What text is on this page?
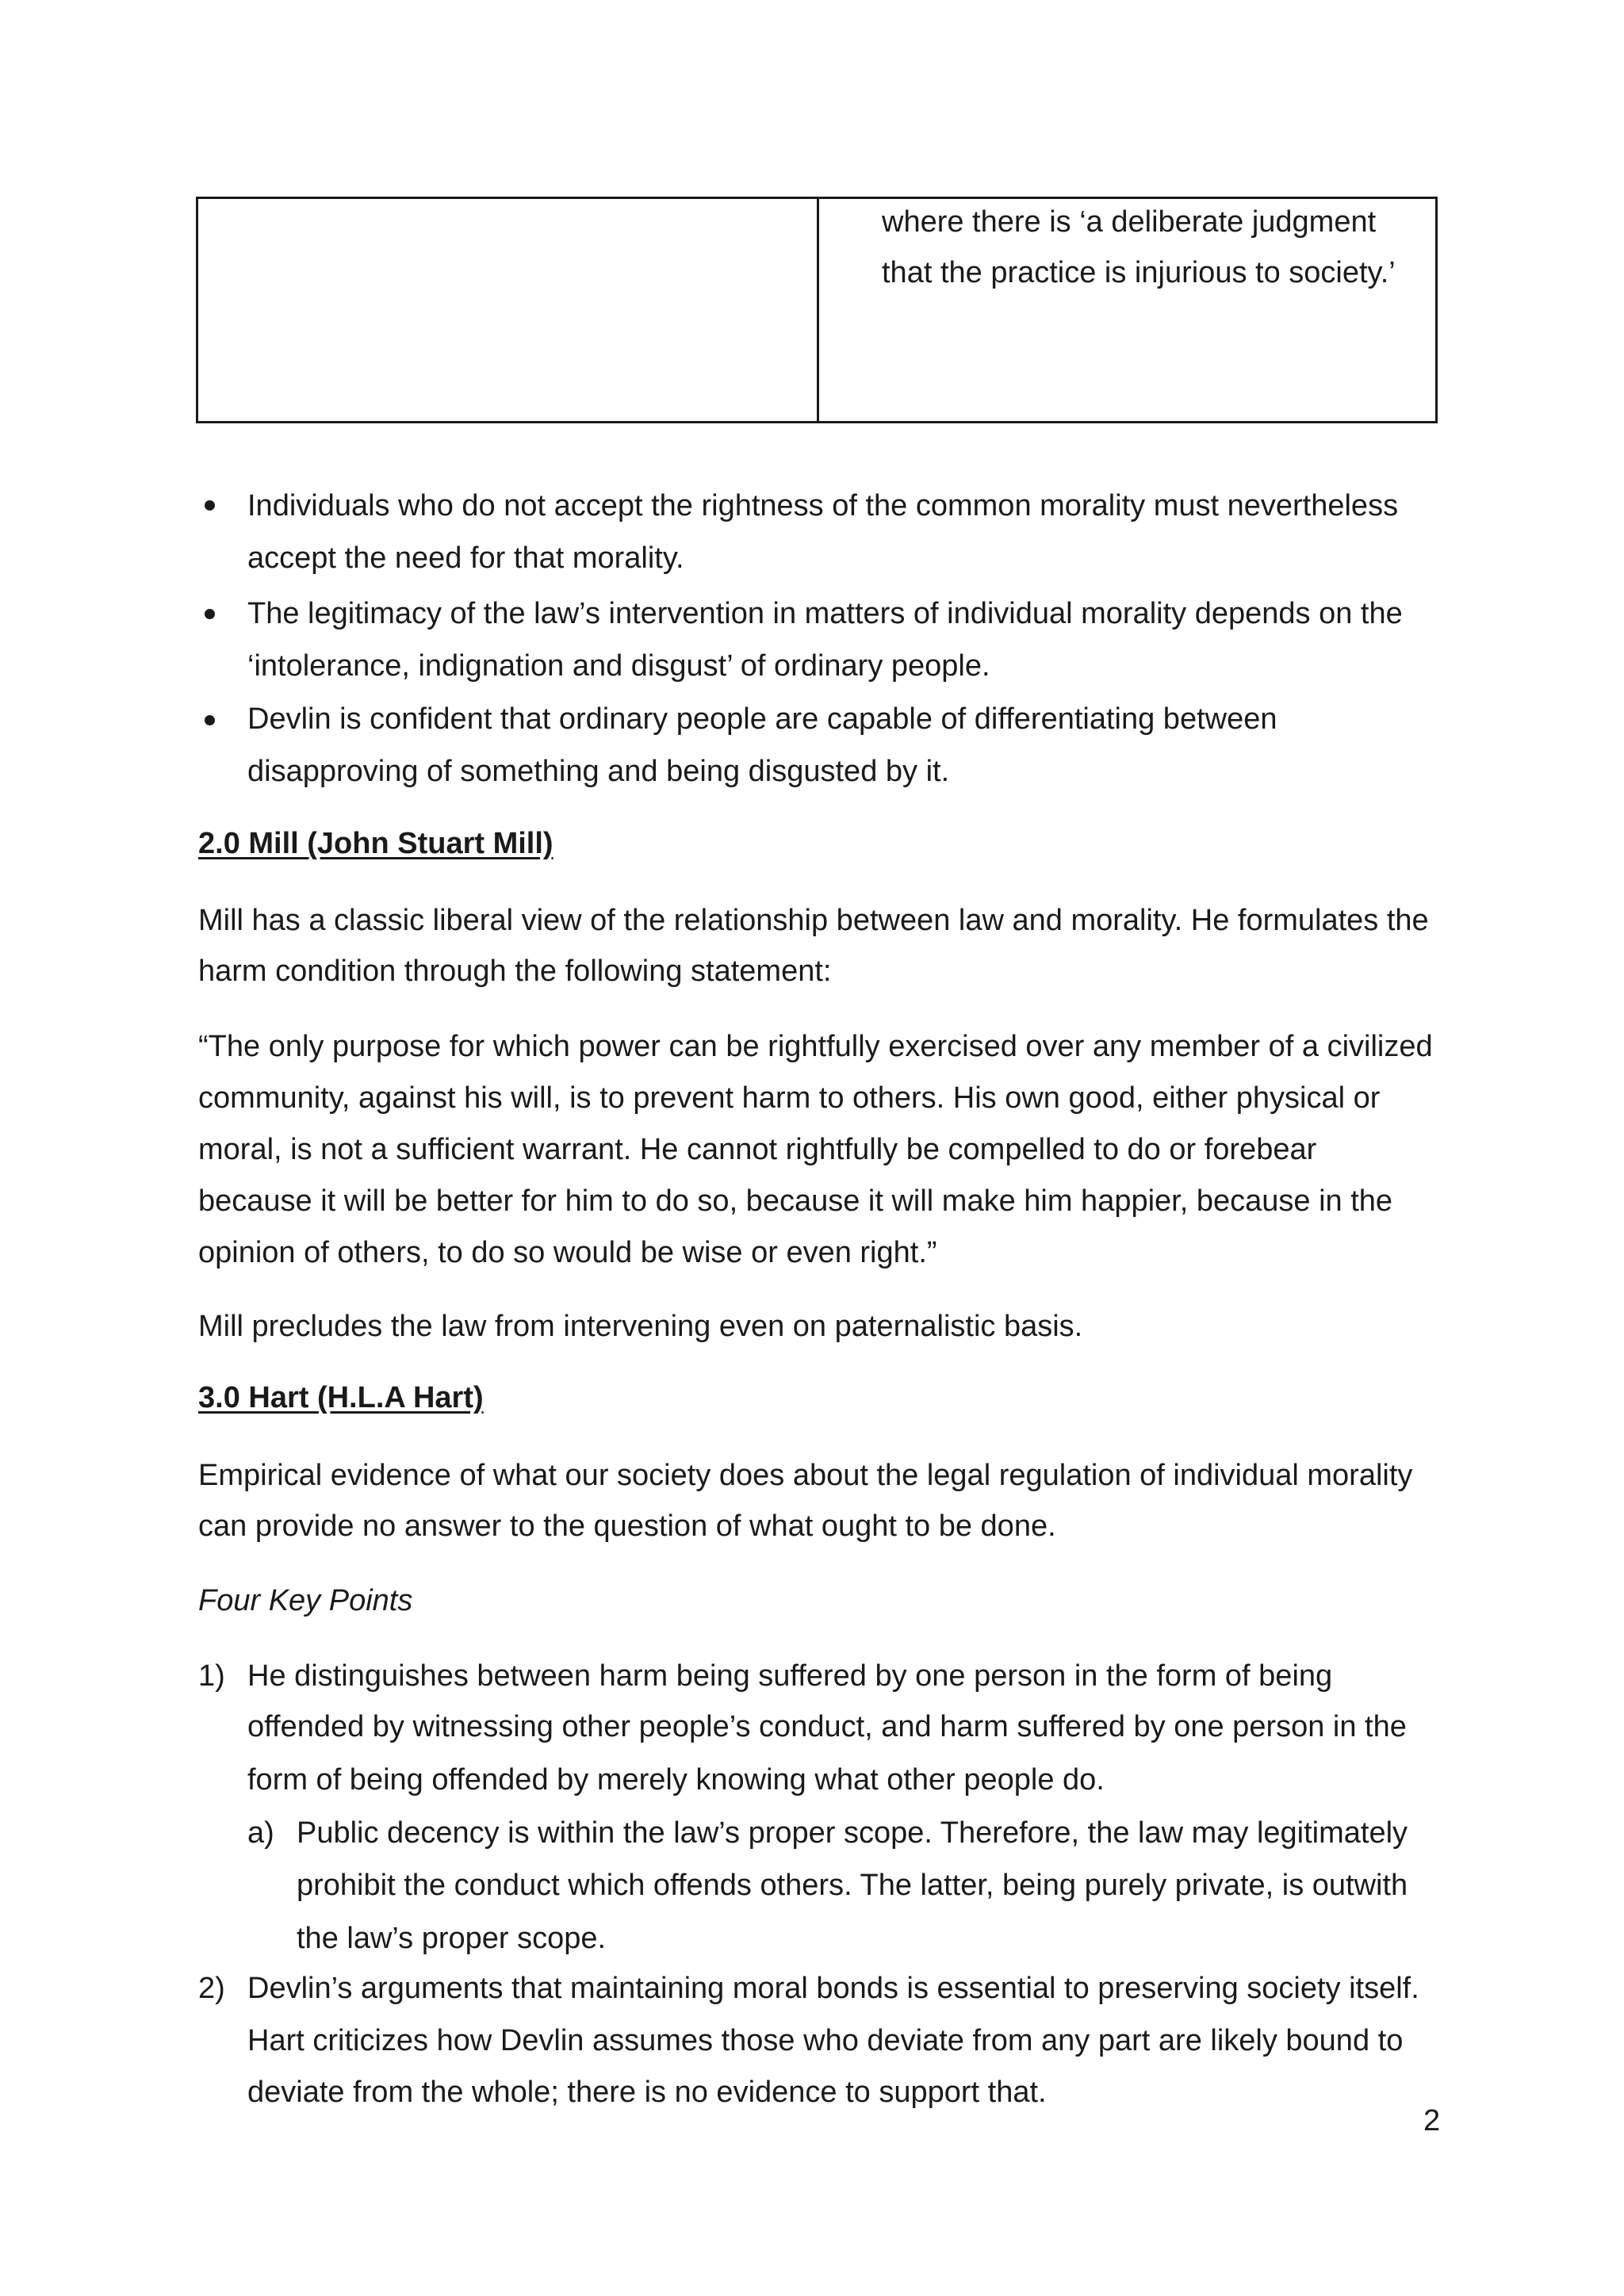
where there is ‘a deliberate judgment
that the practice is injurious to society.’
Individuals who do not accept the rightness of the common morality must nevertheless
accept the need for that morality.
The legitimacy of the law’s intervention in matters of individual morality depends on the
‘intolerance, indignation and disgust’ of ordinary people.
Devlin is confident that ordinary people are capable of differentiating between
disapproving of something and being disgusted by it.
2.0 Mill (John Stuart Mill)
Mill has a classic liberal view of the relationship between law and morality. He formulates the
harm condition through the following statement:
“The only purpose for which power can be rightfully exercised over any member of a civilized
community, against his will, is to prevent harm to others. His own good, either physical or
moral, is not a sufficient warrant. He cannot rightfully be compelled to do or forebear
because it will be better for him to do so, because it will make him happier, because in the
opinion of others, to do so would be wise or even right.”
Mill precludes the law from intervening even on paternalistic basis.
3.0 Hart (H.L.A Hart)
Empirical evidence of what our society does about the legal regulation of individual morality
can provide no answer to the question of what ought to be done.
Four Key Points
1) He distinguishes between harm being suffered by one person in the form of being
offended by witnessing other people’s conduct, and harm suffered by one person in the
form of being offended by merely knowing what other people do.
a) Public decency is within the law’s proper scope. Therefore, the law may legitimately
prohibit the conduct which offends others. The latter, being purely private, is outwith
the law’s proper scope.
2) Devlin’s arguments that maintaining moral bonds is essential to preserving society itself.
Hart criticizes how Devlin assumes those who deviate from any part are likely bound to
deviate from the whole; there is no evidence to support that.
2
